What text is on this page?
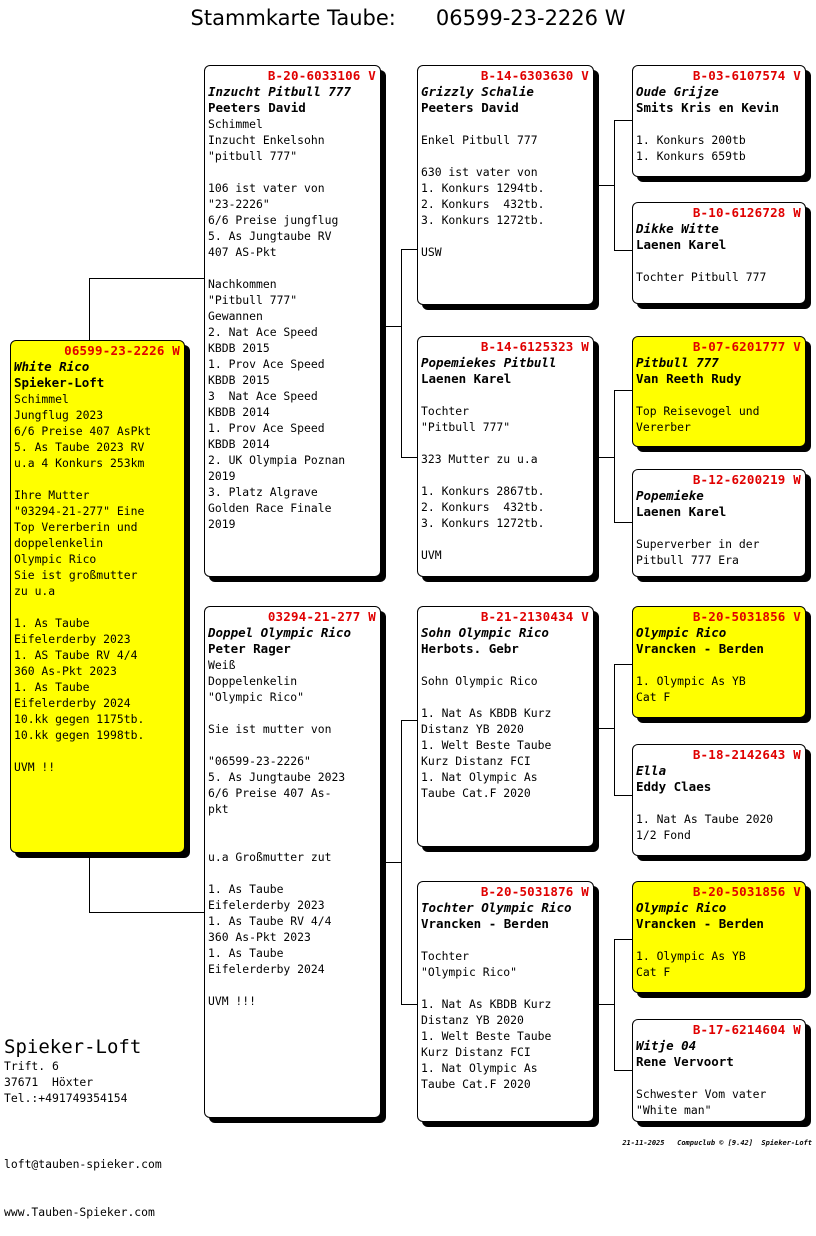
Stammkarte Taube:      06599-23-2226 W
06599-23-2226 W
White Rico
Spieker-Loft
Schimmel
Jungflug 2023
6/6 Preise 407 AsPkt
5. As Taube 2023 RV
u.a 4 Konkurs 253km

Ihre Mutter
"03294-21-277" Eine
Top Vererberin und
doppelenkelin
Olympic Rico
Sie ist großmutter
zu u.a

1. As Taube
Eifelerderby 2023
1. AS Taube RV 4/4
360 As-Pkt 2023
1. As Taube
Eifelerderby 2024
10.kk gegen 1175tb.
10.kk gegen 1998tb.

UVM !!
B-20-6033106 V
Inzucht Pitbull 777
Peeters David
Schimmel
Inzucht Enkelsohn
"pitbull 777"

106 ist vater von
"23-2226"
6/6 Preise jungflug
5. As Jungtaube RV
407 AS-Pkt

Nachkommen
"Pitbull 777"
Gewannen
2. Nat Ace Speed
KBDB 2015
1. Prov Ace Speed
KBDB 2015
3  Nat Ace Speed
KBDB 2014
1. Prov Ace Speed
KBDB 2014
2. UK Olympia Poznan
2019
3. Platz Algrave
Golden Race Finale
2019
03294-21-277 W
Doppel Olympic Rico
Peter Rager
Weiß
Doppelenkelin
"Olympic Rico"

Sie ist mutter von

"06599-23-2226"
5. As Jungtaube 2023
6/6 Preise 407 As-
pkt

u.a Großmutter zut

1. As Taube
Eifelerderby 2023
1. As Taube RV 4/4
360 As-Pkt 2023
1. As Taube
Eifelerderby 2024

UVM !!!
B-14-6303630 V
Grizzly Schalie
Peeters David

Enkel Pitbull 777

630 ist vater von
1. Konkurs 1294tb.
2. Konkurs  432tb.
3. Konkurs 1272tb.

USW
B-14-6125323 W
Popemiekes Pitbull
Laenen Karel

Tochter
"Pitbull 777"

323 Mutter zu u.a

1. Konkurs 2867tb.
2. Konkurs  432tb.
3. Konkurs 1272tb.

UVM
B-21-2130434 V
Sohn Olympic Rico
Herbots. Gebr

Sohn Olympic Rico

1. Nat As KBDB Kurz
Distanz YB 2020
1. Welt Beste Taube
Kurz Distanz FCI
1. Nat Olympic As
Taube Cat.F 2020
B-20-5031876 W
Tochter Olympic Rico
Vrancken - Berden

Tochter
"Olympic Rico"

1. Nat As KBDB Kurz
Distanz YB 2020
1. Welt Beste Taube
Kurz Distanz FCI
1. Nat Olympic As
Taube Cat.F 2020
B-03-6107574 V
Oude Grijze
Smits Kris en Kevin

1. Konkurs 200tb
1. Konkurs 659tb
B-10-6126728 W
Dikke Witte
Laenen Karel

Tochter Pitbull 777
B-07-6201777 V
Pitbull 777
Van Reeth Rudy

Top Reisevogel und
Vererber
B-12-6200219 W
Popemieke
Laenen Karel

Superverber in der
Pitbull 777 Era
B-20-5031856 V
Olympic Rico
Vrancken - Berden

1. Olympic As YB
Cat F
B-18-2142643 W
Ella
Eddy Claes

1. Nat As Taube 2020
1/2 Fond
B-20-5031856 V
Olympic Rico
Vrancken - Berden

1. Olympic As YB
Cat F
B-17-6214604 W
Witje 04
Rene Vervoort

Schwester Vom vater
"White man"
Spieker-Loft
Trift. 6
37671  Höxter
Tel.:+491749354154

loft@tauben-spieker.com

www.Tauben-Spieker.com

21-11-2025   Compuclub © [9.42]  Spieker-Loft
